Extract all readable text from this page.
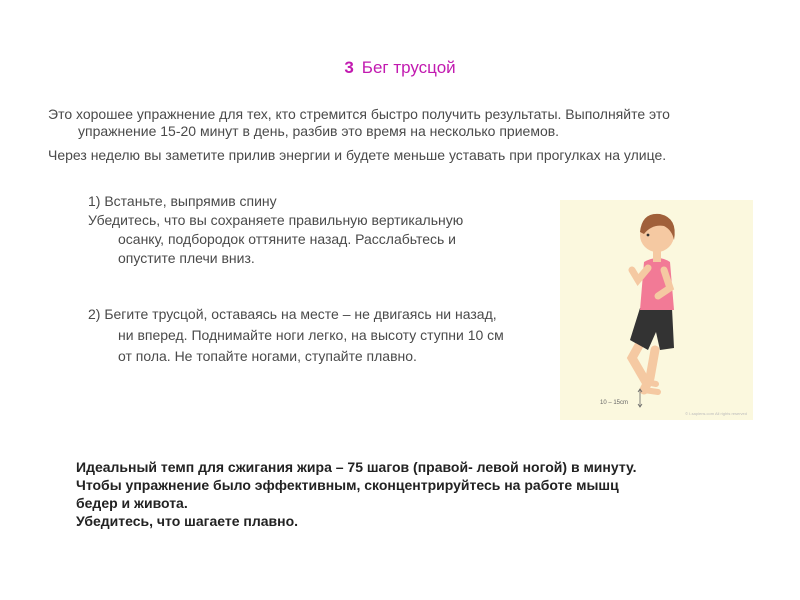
3 Бег трусцой
Это хорошее упражнение для тех, кто стремится быстро получить результаты. Выполняйте это
упражнение 15-20 минут в день, разбив это время на несколько приемов.
Через неделю вы заметите прилив энергии и будете меньше уставать при прогулках на улице.
1) Встаньте, выпрямив спину
Убедитесь, что вы сохраняете правильную вертикальную
осанку, подбородок оттяните назад. Расслабьтесь и
опустите плечи вниз.
2) Бегите трусцой, оставаясь на месте – не двигаясь ни назад,
ни вперед. Поднимайте ноги легко, на высоту ступни 10 см
от пола. Не топайте ногами, ступайте плавно.
10 – 15cm
© I-sapiens.com All rights reserved
Идеальный темп для сжигания жира – 75 шагов (правой- левой ногой) в минуту.
Чтобы упражнение было эффективным, сконцентрируйтесь на работе мышц
бедер и живота.
Убедитесь, что шагаете плавно.
